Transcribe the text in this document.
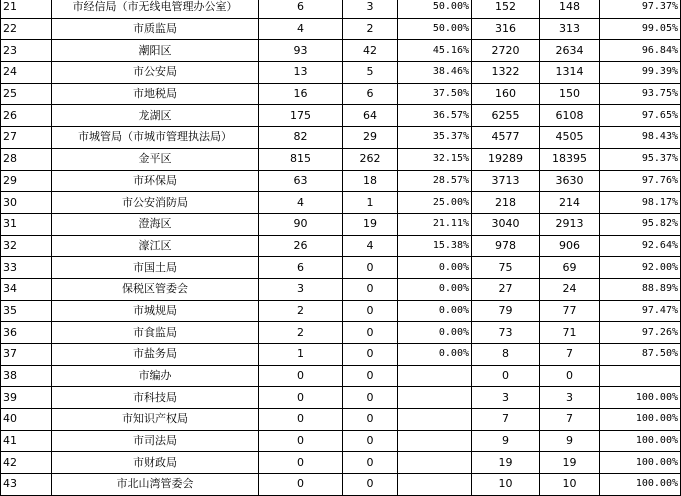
21	市经信局（市无线电管理办公室）	6	3	50.00%	152	148	97.37%
22	市质监局	4	2	50.00%	316	313	99.05%
23	潮阳区	93	42	45.16%	2720	2634	96.84%
24	市公安局	13	5	38.46%	1322	1314	99.39%
25	市地税局	16	6	37.50%	160	150	93.75%
26	龙湖区	175	64	36.57%	6255	6108	97.65%
27	市城管局（市城市管理执法局）	82	29	35.37%	4577	4505	98.43%
28	金平区	815	262	32.15%	19289	18395	95.37%
29	市环保局	63	18	28.57%	3713	3630	97.76%
30	市公安消防局	4	1	25.00%	218	214	98.17%
31	澄海区	90	19	21.11%	3040	2913	95.82%
32	濠江区	26	4	15.38%	978	906	92.64%
33	市国土局	6	0	0.00%	75	69	92.00%
34	保税区管委会	3	0	0.00%	27	24	88.89%
35	市城规局	2	0	0.00%	79	77	97.47%
36	市食监局	2	0	0.00%	73	71	97.26%
37	市盐务局	1	0	0.00%	8	7	87.50%
38	市编办	0	0		0	0	
39	市科技局	0	0		3	3	100.00%
40	市知识产权局	0	0		7	7	100.00%
41	市司法局	0	0		9	9	100.00%
42	市财政局	0	0		19	19	100.00%
43	市北山湾管委会	0	0		10	10	100.00%
